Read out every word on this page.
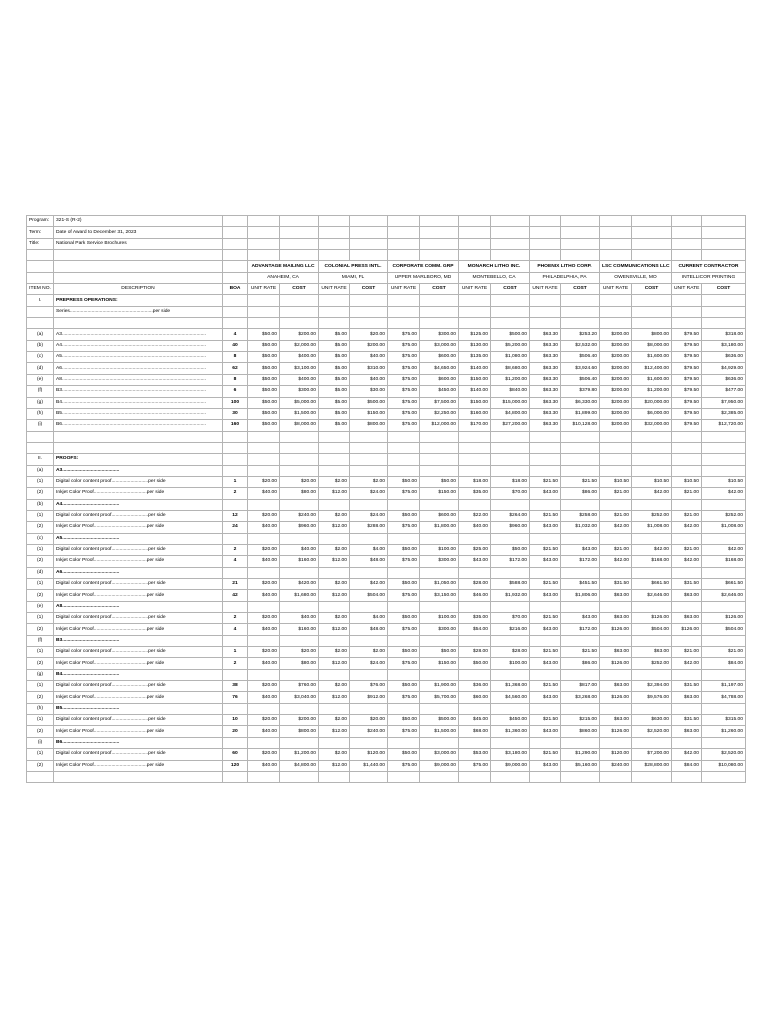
Program:	321-S (R-2)															
Term:	Date of Award to December 31, 2023															
Title:	National Park Service Brochures															

			ADVANTAGE MAILING LLC		COLONIAL PRESS INTL.		CORPORATE COMM. GRP		MONARCH LITHO INC.		PHOENIX LITHO CORP.		LSC COMMUNICATIONS LLC		CURRENT CONTRACTOR	
			ANAHEIM, CA		MIAMI, FL		UPPER MARLBORO, MD		MONTEBELLO, CA		PHILADELPHIA, PA		OWENSVILLE, MO		INTELLICOR PRINTING	
ITEM NO.	DESCRIPTION	BOA	UNIT RATE	COST	UNIT RATE	COST	UNIT RATE	COST	UNIT RATE	COST	UNIT RATE	COST	UNIT RATE	COST	UNIT RATE	COST
I.	PREPRESS OPERATIONS:															
	Series.............................................................per side															

(a)	A3..........................................................................................................	4	$50.00	$200.00	$5.00	$20.00	$75.00	$300.00	$125.00	$500.00	$63.30	$253.20	$200.00	$800.00	$79.50	$318.00
(b)	A4..........................................................................................................	40	$50.00	$2,000.00	$5.00	$200.00	$75.00	$3,000.00	$130.00	$5,200.00	$63.30	$2,532.00	$200.00	$8,000.00	$79.50	$3,180.00
(c)	A5..........................................................................................................	8	$50.00	$400.00	$5.00	$40.00	$75.00	$600.00	$135.00	$1,080.00	$63.30	$506.40	$200.00	$1,600.00	$79.50	$636.00
(d)	A6..........................................................................................................	62	$50.00	$3,100.00	$5.00	$310.00	$75.00	$4,650.00	$140.00	$8,680.00	$63.30	$3,924.60	$200.00	$12,400.00	$79.50	$4,929.00
(e)	A8..........................................................................................................	8	$50.00	$400.00	$5.00	$40.00	$75.00	$600.00	$150.00	$1,200.00	$63.30	$506.40	$200.00	$1,600.00	$79.50	$636.00
(f)	B3..........................................................................................................	6	$50.00	$300.00	$5.00	$30.00	$75.00	$450.00	$140.00	$840.00	$63.30	$379.80	$200.00	$1,200.00	$79.50	$477.00
(g)	B4..........................................................................................................	100	$50.00	$5,000.00	$5.00	$500.00	$75.00	$7,500.00	$150.00	$15,000.00	$63.30	$6,330.00	$200.00	$20,000.00	$79.50	$7,950.00
(h)	B5..........................................................................................................	30	$50.00	$1,500.00	$5.00	$150.00	$75.00	$2,250.00	$160.00	$4,800.00	$63.30	$1,899.00	$200.00	$6,000.00	$79.50	$2,385.00
(i)	B6..........................................................................................................	160	$50.00	$8,000.00	$5.00	$800.00	$75.00	$12,000.00	$170.00	$27,200.00	$63.30	$10,128.00	$200.00	$32,000.00	$79.50	$12,720.00

II.	PROOFS:															
(a)	A3..........................................															
(1)	Digital color content proof...........................per side	1	$20.00	$20.00	$2.00	$2.00	$50.00	$50.00	$18.00	$18.00	$21.50	$21.50	$10.50	$10.50	$10.50	$10.50
(2)	Inkjet Color Proof.......................................per side	2	$40.00	$80.00	$12.00	$24.00	$75.00	$150.00	$35.00	$70.00	$43.00	$86.00	$21.00	$42.00	$21.00	$42.00
(b)	A4..........................................															
(1)	Digital color content proof...........................per side	12	$20.00	$240.00	$2.00	$24.00	$50.00	$600.00	$22.00	$264.00	$21.50	$258.00	$21.00	$252.00	$21.00	$252.00
(2)	Inkjet Color Proof.......................................per side	24	$40.00	$960.00	$12.00	$288.00	$75.00	$1,800.00	$40.00	$960.00	$43.00	$1,032.00	$42.00	$1,008.00	$42.00	$1,008.00
(c)	A5..........................................															
(1)	Digital color content proof...........................per side	2	$20.00	$40.00	$2.00	$4.00	$50.00	$100.00	$25.00	$50.00	$21.50	$43.00	$21.00	$42.00	$21.00	$42.00
(2)	Inkjet Color Proof.......................................per side	4	$40.00	$160.00	$12.00	$48.00	$75.00	$300.00	$43.00	$172.00	$43.00	$172.00	$42.00	$168.00	$42.00	$168.00
(d)	A6..........................................															
(1)	Digital color content proof...........................per side	21	$20.00	$420.00	$2.00	$42.00	$50.00	$1,050.00	$28.00	$588.00	$21.50	$451.50	$31.50	$661.50	$31.50	$661.50
(2)	Inkjet Color Proof.......................................per side	42	$40.00	$1,680.00	$12.00	$504.00	$75.00	$3,150.00	$46.00	$1,932.00	$43.00	$1,806.00	$63.00	$2,646.00	$63.00	$2,646.00
(e)	A8..........................................															
(1)	Digital color content proof...........................per side	2	$20.00	$40.00	$2.00	$4.00	$50.00	$100.00	$35.00	$70.00	$21.50	$43.00	$63.00	$126.00	$63.00	$126.00
(2)	Inkjet Color Proof.......................................per side	4	$40.00	$160.00	$12.00	$48.00	$75.00	$300.00	$54.00	$216.00	$43.00	$172.00	$126.00	$504.00	$126.00	$504.00
(f)	B3..........................................															
(1)	Digital color content proof...........................per side	1	$20.00	$20.00	$2.00	$2.00	$50.00	$50.00	$28.00	$28.00	$21.50	$21.50	$63.00	$63.00	$21.00	$21.00
(2)	Inkjet Color Proof.......................................per side	2	$40.00	$80.00	$12.00	$24.00	$75.00	$150.00	$50.00	$100.00	$43.00	$86.00	$126.00	$252.00	$42.00	$84.00
(g)	B4..........................................															
(1)	Digital color content proof...........................per side	38	$20.00	$760.00	$2.00	$76.00	$50.00	$1,900.00	$36.00	$1,368.00	$21.50	$817.00	$63.00	$2,394.00	$31.50	$1,197.00
(2)	Inkjet Color Proof.......................................per side	76	$40.00	$3,040.00	$12.00	$912.00	$75.00	$5,700.00	$60.00	$4,560.00	$43.00	$3,268.00	$126.00	$9,576.00	$63.00	$4,788.00
(h)	B5..........................................															
(1)	Digital color content proof...........................per side	10	$20.00	$200.00	$2.00	$20.00	$50.00	$500.00	$45.00	$450.00	$21.50	$215.00	$63.00	$630.00	$31.50	$315.00
(2)	Inkjet Color Proof.......................................per side	20	$40.00	$800.00	$12.00	$240.00	$75.00	$1,500.00	$68.00	$1,360.00	$43.00	$860.00	$126.00	$2,520.00	$63.00	$1,260.00
(i)	B6..........................................															
(1)	Digital color content proof...........................per side	60	$20.00	$1,200.00	$2.00	$120.00	$50.00	$3,000.00	$53.00	$3,180.00	$21.50	$1,290.00	$120.00	$7,200.00	$42.00	$2,520.00
(2)	Inkjet Color Proof.......................................per side	120	$40.00	$4,800.00	$12.00	$1,440.00	$75.00	$9,000.00	$75.00	$9,000.00	$43.00	$5,160.00	$240.00	$28,800.00	$84.00	$10,080.00
